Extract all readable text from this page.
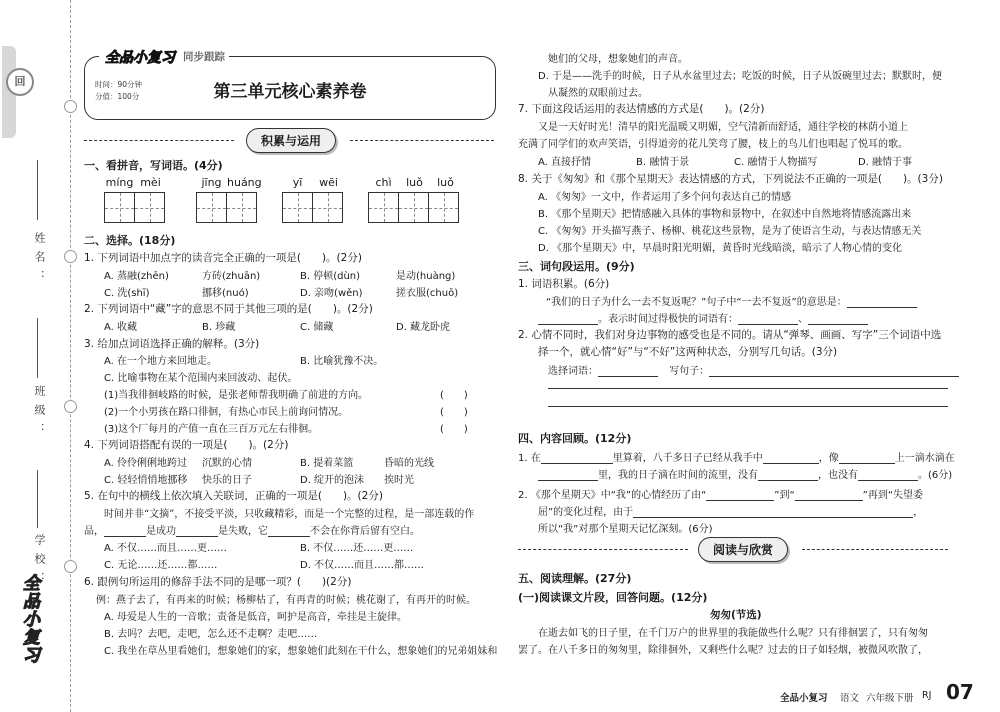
回
姓名：
班级：
学校：
全品小复习
全品小复习 同步跟踪
时间：90分钟
分值：100分	第三单元核心素养卷
积累与运用
一、看拼音，写词语。(4分)
míng mèi	jīng huáng	yī	wēi	chì	luǒ	luǒ
二、选择。(18分)
1. 下列词语中加点字的读音完全正确的一项是(　　)。(2分)
A. 蒸融(zhēn)	方砖(zhuān)	B. 停顿(dùn)	是动(huàng)
C. 洗(shī)	挪移(nuó)	D. 亲吻(wěn)	搓衣服(chuō)
2. 下列词语中“藏”字的意思不同于其他三项的是(　　)。(2分)
A. 收藏	B. 珍藏	C. 储藏	D. 藏龙卧虎
3. 给加点词语选择正确的解释。(3分)
A. 在一个地方来回地走。	B. 比喻犹豫不决。
C. 比喻事物在某个范围内来回波动、起伏。
(1)当我徘徊岐路的时候，是张老师帮我明确了前进的方向。	(　　)
(2)一个小男孩在路口徘徊，有热心市民上前询问情况。	(　　)
(3)这个厂每月的产值一直在三百万元左右徘徊。	(　　)
4. 下列词语搭配有误的一项是(　　)。(2分)
A. 伶伶俐俐地跨过 沉默的心情	B. 提着菜篮	昏暗的光线
C. 轻轻悄悄地挪移 快乐的日子	D. 绽开的泡沫 挨时光
5. 在句中的横线上依次填入关联词，正确的一项是(　　)。(2分)
时间并非“文摘”，不接受平淡，只收藏精彩，而是一个完整的过程，是一部连载的作
品，	是成功	是失败，它	不会在你背后留有空白。
A. 不仅……而且……更……	B. 不仅……还……更……
C. 无论……还……都……	D. 不仅……而且……都……
6. 跟例句所运用的修辞手法不同的是哪一项？(　　)(2分)
例：燕子去了，有再来的时候；杨柳枯了，有再青的时候；桃花谢了，有再开的时候。
A. 母爱是人生的一音歌；责备是低音，呵护是高音，牵挂是主旋律。
B. 去吗？去吧，走吧，怎么还不走啊？走吧……
C. 我坐在草丛里看她们，想象她们的家，想象她们此刻在干什么，想象她们的兄弟姐妹和
她们的父母，想象她们的声音。
D. 于是——洗手的时候，日子从水盆里过去；吃饭的时候，日子从饭碗里过去；默默时，便
从凝然的双眼前过去。
7. 下面这段话运用的表达情感的方式是(　　)。(2分)
又是一天好时光！清早的阳光温暖又明媚，空气清新而舒适，通往学校的林荫小道上
充满了同学们的欢声笑语，引得道旁的花儿笑弯了腰，枝上的鸟儿们也唱起了悦耳的歌。
A. 直接抒情	B. 融情于景	C. 融情于人物描写	D. 融情于事
8. 关于《匆匆》和《那个星期天》表达情感的方式，下列说法不正确的一项是(　　)。(3分)
A. 《匆匆》一文中，作者运用了多个问句表达自己的情感
B. 《那个星期天》把情感融入具体的事物和景物中，在叙述中自然地将情感流露出来
C. 《匆匆》开头描写燕子、杨柳、桃花这些景物，是为了使语言生动，与表达情感无关
D. 《那个星期天》中，早晨时阳光明媚，黄昏时光线暗淡，暗示了人物心情的变化
三、词句段运用。(9分)
1. 词语积累。(6分)
“我们的日子为什么一去不复返呢？”句子中“一去不复返”的意思是：
。表示时间过得极快的词语有：	、
2. 心情不同时，我们对身边事物的感受也是不同的。请从“弹琴、画画、写字”三个词语中选
择一个，就心情“好”与“不好”这两种状态，分别写几句话。(3分)
选择词语：	写句子：
四、内容回顾。(12分)
1. 在	里算着，八千多日子已经从我手中	，像	上一滴水滴在
里，我的日子滴在时间的流里，没有	，也没有	。(6分)
2. 《那个星期天》中“我”的心情经历了由“	”到“	”再到“失望委
屈”的变化过程，由于	，
所以“我”对那个星期天记忆深刻。(6分)
阅读与欣赏
五、阅读理解。(27分)
(一)阅读课文片段，回答问题。(12分)
匆匆(节选)
在逝去如飞的日子里，在千门万户的世界里的我能做些什么呢？只有徘徊罢了，只有匆匆
罢了。在八千多日的匆匆里，除徘徊外，又剩些什么呢？过去的日子如轻烟，被微风吹散了，
全品小复习 语文 六年级下册 RJ 07
